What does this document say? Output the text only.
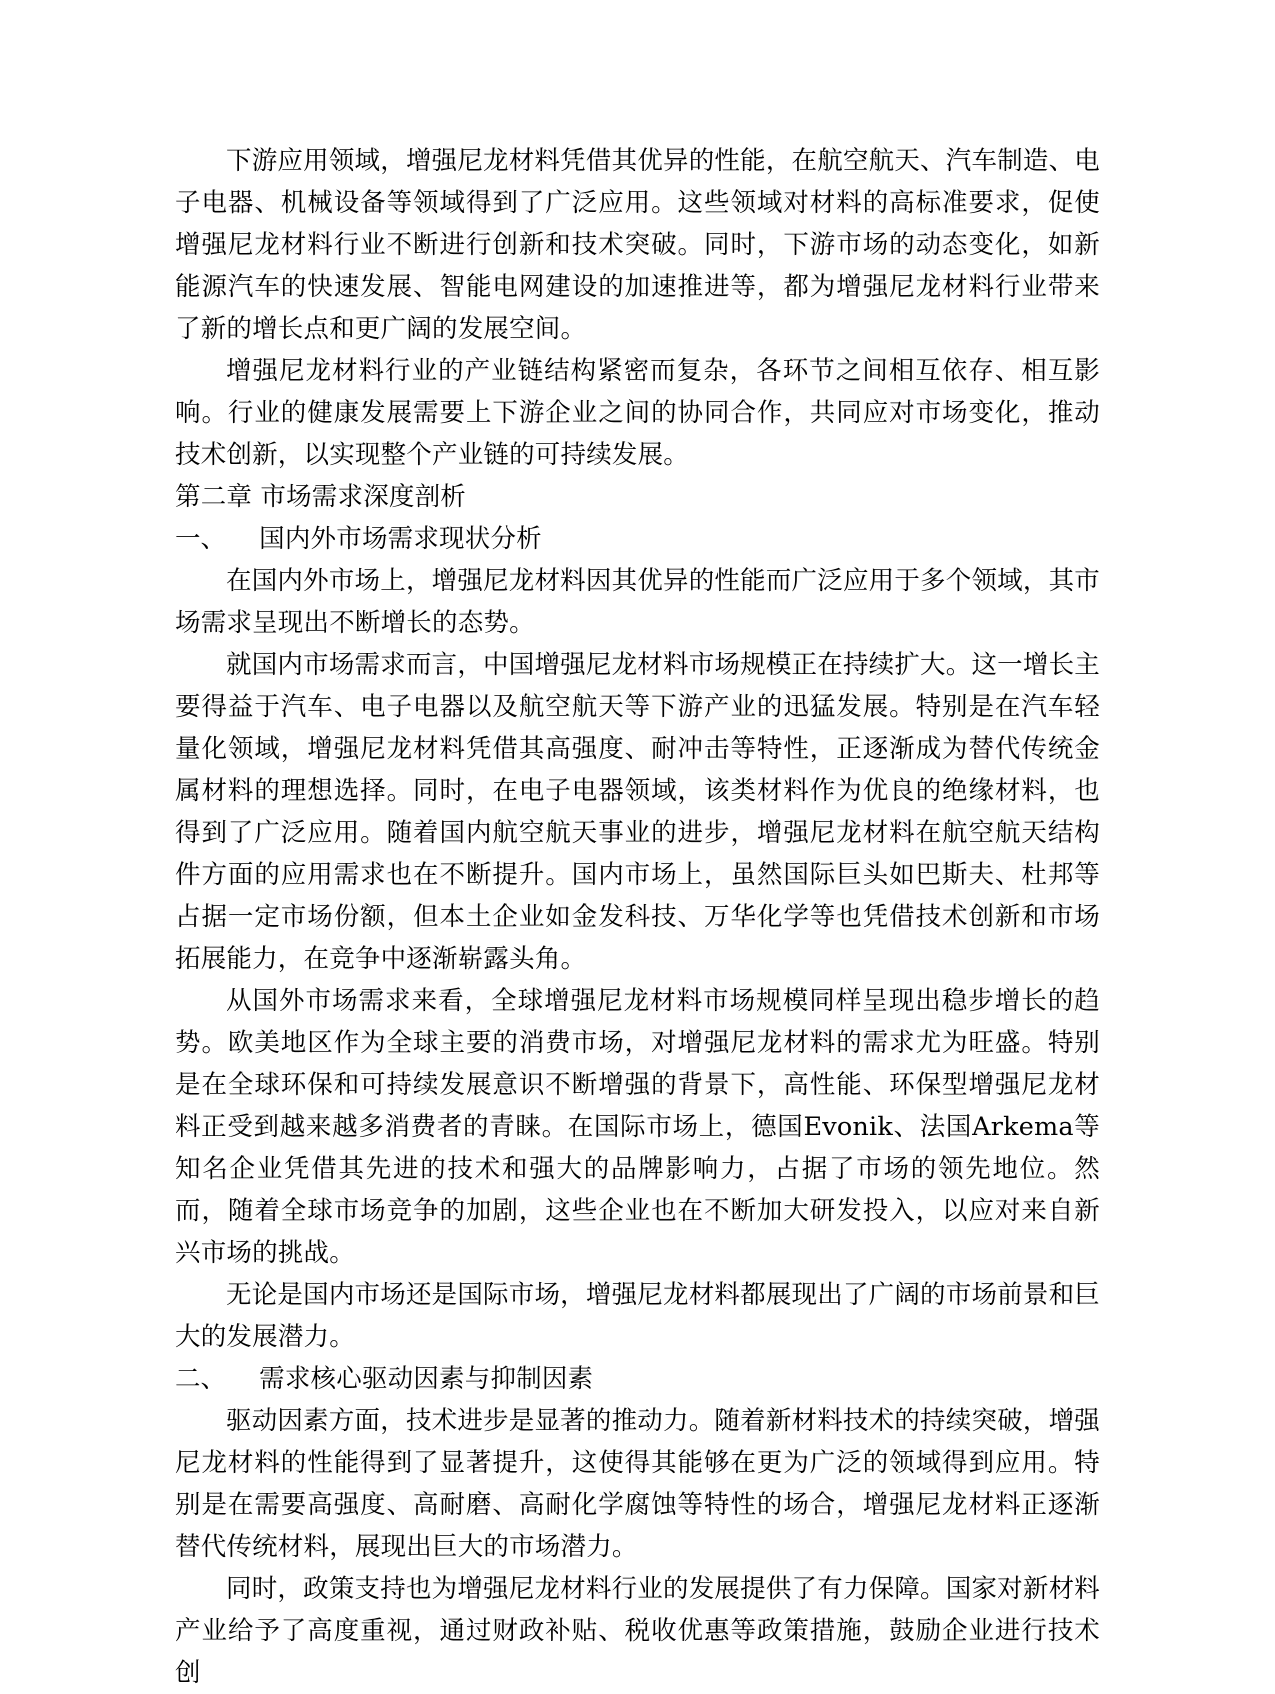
下游应用领域，增强尼龙材料凭借其优异的性能，在航空航天、汽车制造、电子电器、机械设备等领域得到了广泛应用。这些领域对材料的高标准要求，促使增强尼龙材料行业不断进行创新和技术突破。同时，下游市场的动态变化，如新能源汽车的快速发展、智能电网建设的加速推进等，都为增强尼龙材料行业带来了新的增长点和更广阔的发展空间。

增强尼龙材料行业的产业链结构紧密而复杂，各环节之间相互依存、相互影响。行业的健康发展需要上下游企业之间的协同合作，共同应对市场变化，推动技术创新，以实现整个产业链的可持续发展。

第二章 市场需求深度剖析

一、 国内外市场需求现状分析

在国内外市场上，增强尼龙材料因其优异的性能而广泛应用于多个领域，其市场需求呈现出不断增长的态势。

就国内市场需求而言，中国增强尼龙材料市场规模正在持续扩大。这一增长主要得益于汽车、电子电器以及航空航天等下游产业的迅猛发展。特别是在汽车轻量化领域，增强尼龙材料凭借其高强度、耐冲击等特性，正逐渐成为替代传统金属材料的理想选择。同时，在电子电器领域，该类材料作为优良的绝缘材料，也得到了广泛应用。随着国内航空航天事业的进步，增强尼龙材料在航空航天结构件方面的应用需求也在不断提升。国内市场上，虽然国际巨头如巴斯夫、杜邦等占据一定市场份额，但本土企业如金发科技、万华化学等也凭借技术创新和市场拓展能力，在竞争中逐渐崭露头角。

从国外市场需求来看，全球增强尼龙材料市场规模同样呈现出稳步增长的趋势。欧美地区作为全球主要的消费市场，对增强尼龙材料的需求尤为旺盛。特别是在全球环保和可持续发展意识不断增强的背景下，高性能、环保型增强尼龙材料正受到越来越多消费者的青睐。在国际市场上，德国Evonik、法国Arkema等知名企业凭借其先进的技术和强大的品牌影响力，占据了市场的领先地位。然而，随着全球市场竞争的加剧，这些企业也在不断加大研发投入，以应对来自新兴市场的挑战。

无论是国内市场还是国际市场，增强尼龙材料都展现出了广阔的市场前景和巨大的发展潜力。

二、 需求核心驱动因素与抑制因素

驱动因素方面，技术进步是显著的推动力。随着新材料技术的持续突破，增强尼龙材料的性能得到了显著提升，这使得其能够在更为广泛的领域得到应用。特别是在需要高强度、高耐磨、高耐化学腐蚀等特性的场合，增强尼龙材料正逐渐替代传统材料，展现出巨大的市场潜力。

同时，政策支持也为增强尼龙材料行业的发展提供了有力保障。国家对新材料产业给予了高度重视，通过财政补贴、税收优惠等政策措施，鼓励企业进行技术创
